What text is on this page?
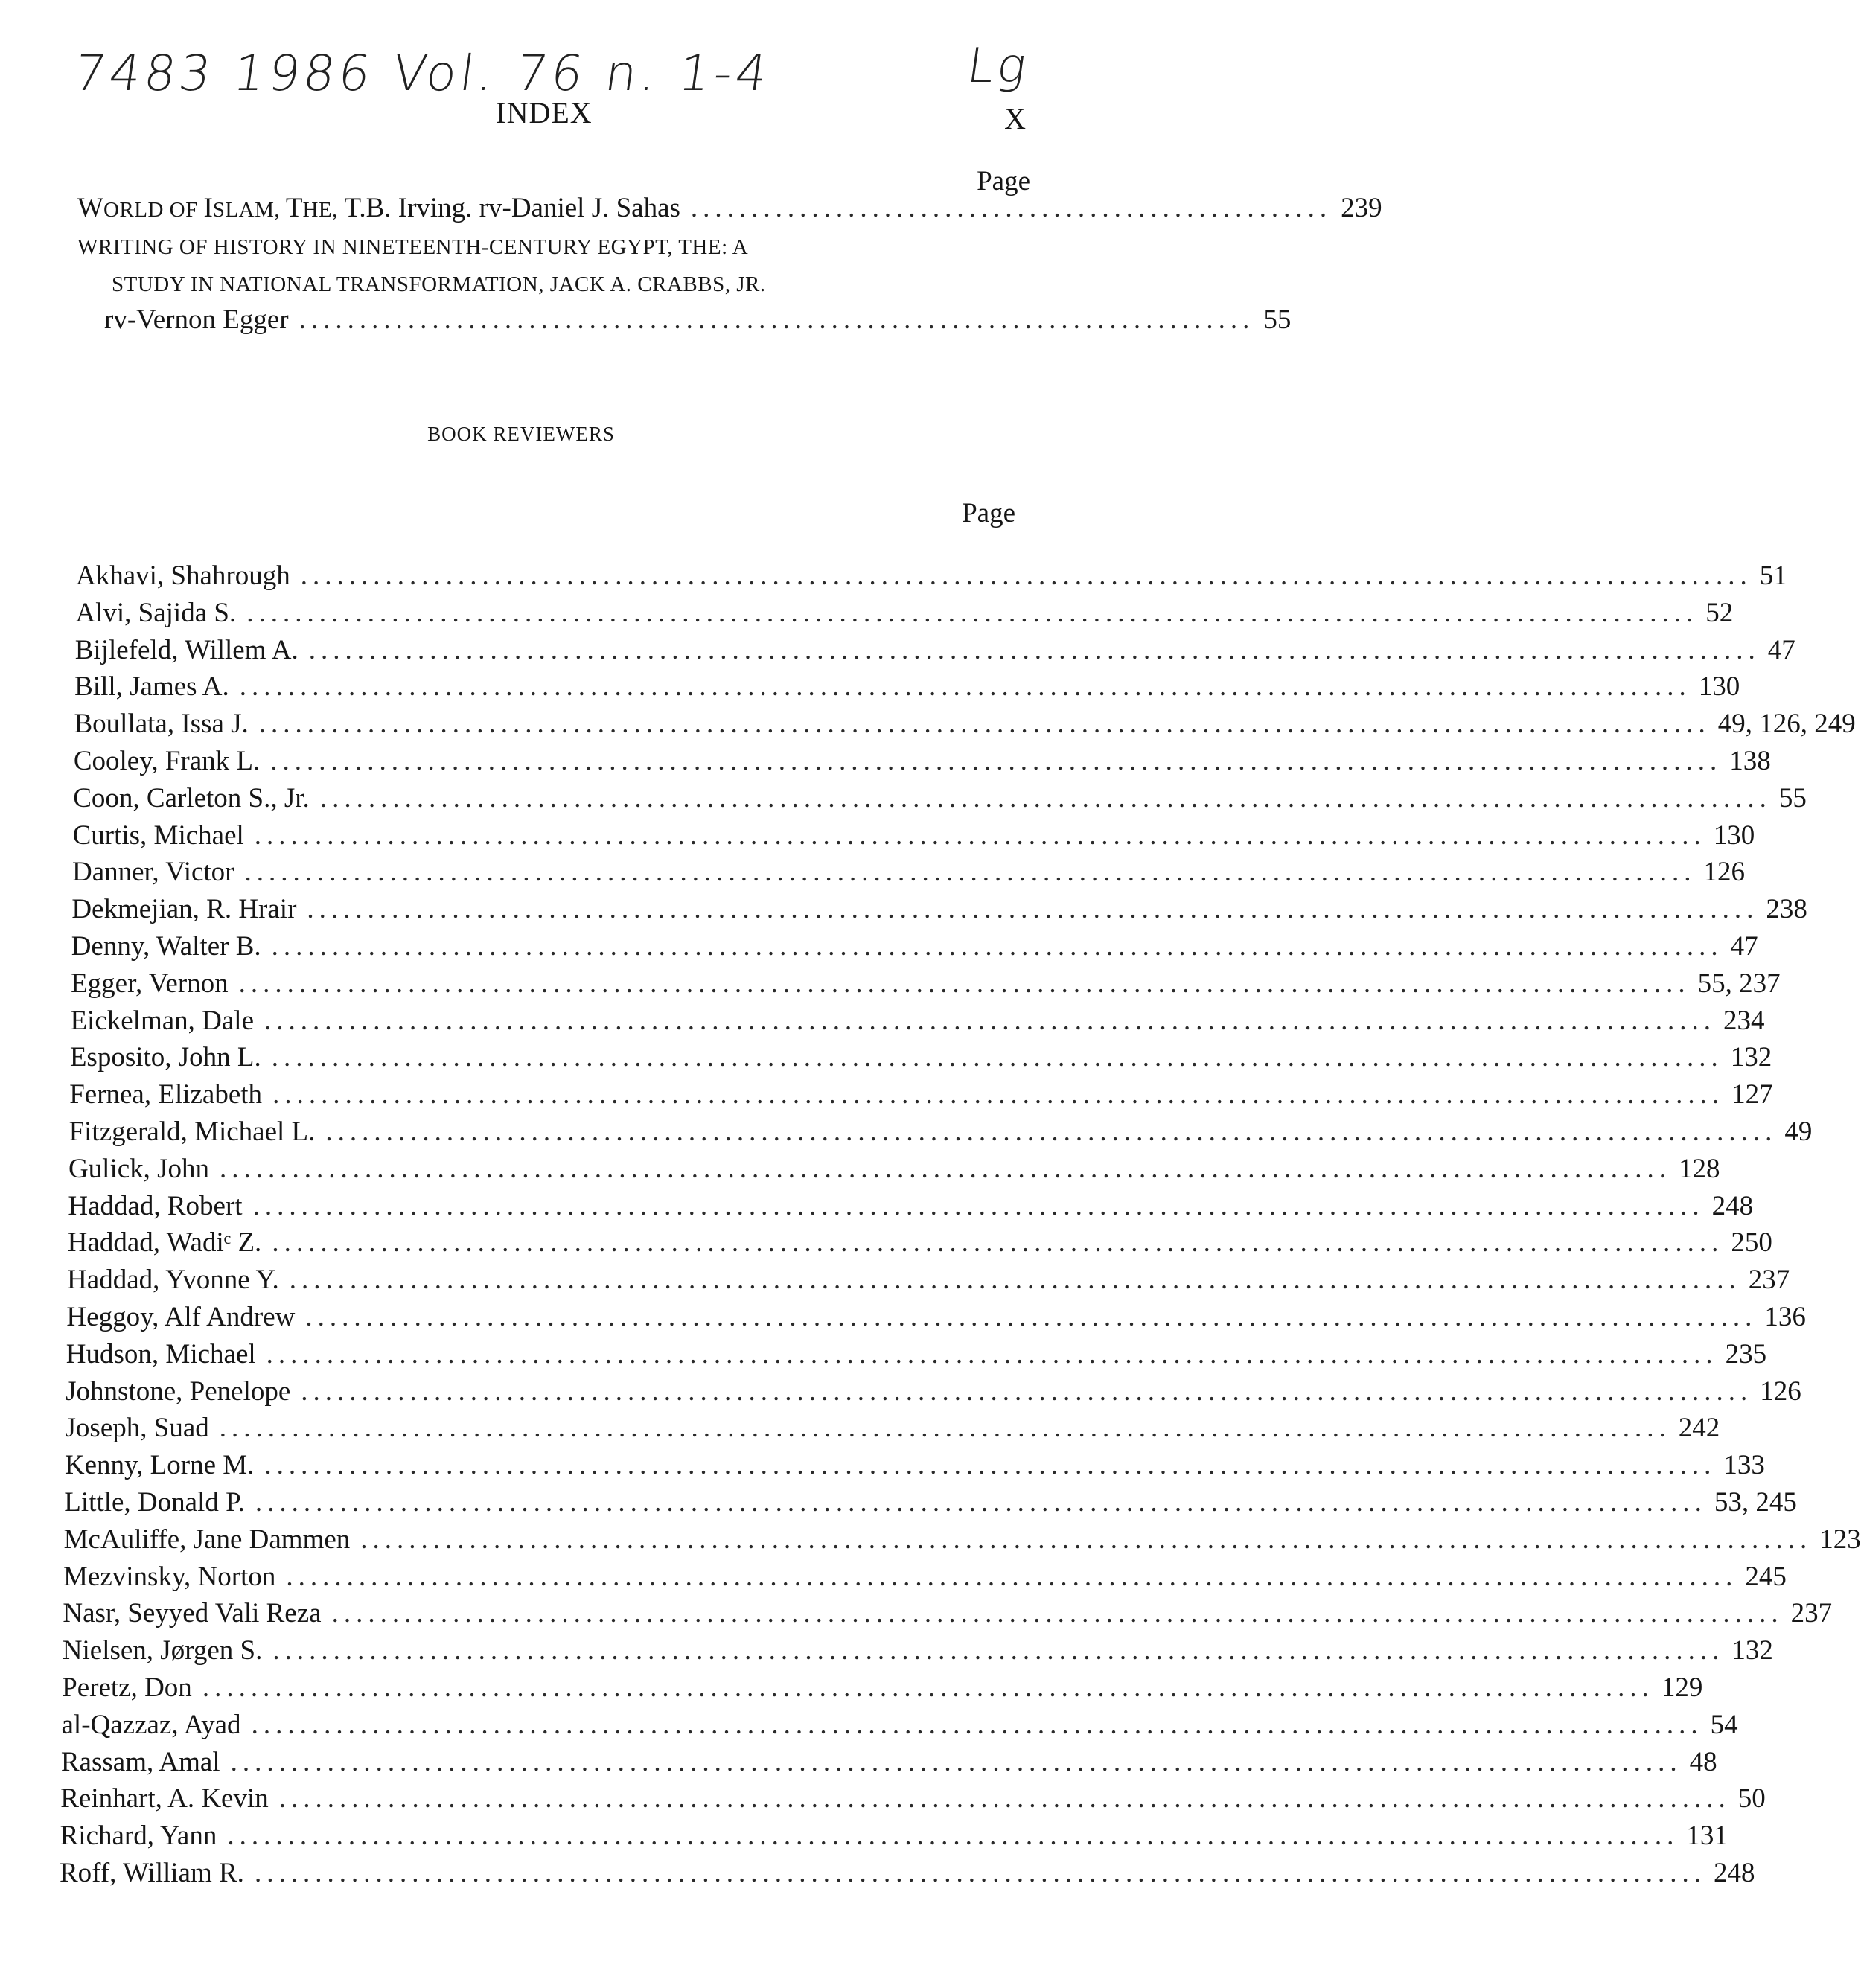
7483 1986 Vol. 76 n. 1-4	Lg
INDEX	X
Page
WORLD OF ISLAM, THE, T.B. Irving. rv-Daniel J. Sahas ..................................................... 239
WRITING OF HISTORY IN NINETEENTH-CENTURY EGYPT, THE: A
STUDY IN NATIONAL TRANSFORMATION, JACK A. CRABBS, JR.
rv-Vernon Egger ............................................................................... 55
BOOK REVIEWERS
Page
Akhavi, Shahrough ........................................................................................................................ 51
Alvi, Sajida S. ........................................................................................................................ 52
Bijlefeld, Willem A. ........................................................................................................................ 47
Bill, James A. ........................................................................................................................ 130
Boullata, Issa J. ........................................................................................................................ 49, 126, 249
Cooley, Frank L. ........................................................................................................................ 138
Coon, Carleton S., Jr. ........................................................................................................................ 55
Curtis, Michael ........................................................................................................................ 130
Danner, Victor ........................................................................................................................ 126
Dekmejian, R. Hrair ........................................................................................................................ 238
Denny, Walter B. ........................................................................................................................ 47
Egger, Vernon ........................................................................................................................ 55, 237
Eickelman, Dale ........................................................................................................................ 234
Esposito, John L. ........................................................................................................................ 132
Fernea, Elizabeth ........................................................................................................................ 127
Fitzgerald, Michael L. ........................................................................................................................ 49
Gulick, John ........................................................................................................................ 128
Haddad, Robert ........................................................................................................................ 248
Haddad, Wadiᶜ Z. ........................................................................................................................ 250
Haddad, Yvonne Y. ........................................................................................................................ 237
Heggoy, Alf Andrew ........................................................................................................................ 136
Hudson, Michael ........................................................................................................................ 235
Johnstone, Penelope ........................................................................................................................ 126
Joseph, Suad ........................................................................................................................ 242
Kenny, Lorne M. ........................................................................................................................ 133
Little, Donald P. ........................................................................................................................ 53, 245
McAuliffe, Jane Dammen ........................................................................................................................ 123
Mezvinsky, Norton ........................................................................................................................ 245
Nasr, Seyyed Vali Reza ........................................................................................................................ 237
Nielsen, Jørgen S. ........................................................................................................................ 132
Peretz, Don ........................................................................................................................ 129
al-Qazzaz, Ayad ........................................................................................................................ 54
Rassam, Amal ........................................................................................................................ 48
Reinhart, A. Kevin ........................................................................................................................ 50
Richard, Yann ........................................................................................................................ 131
Roff, William R. ........................................................................................................................ 248
